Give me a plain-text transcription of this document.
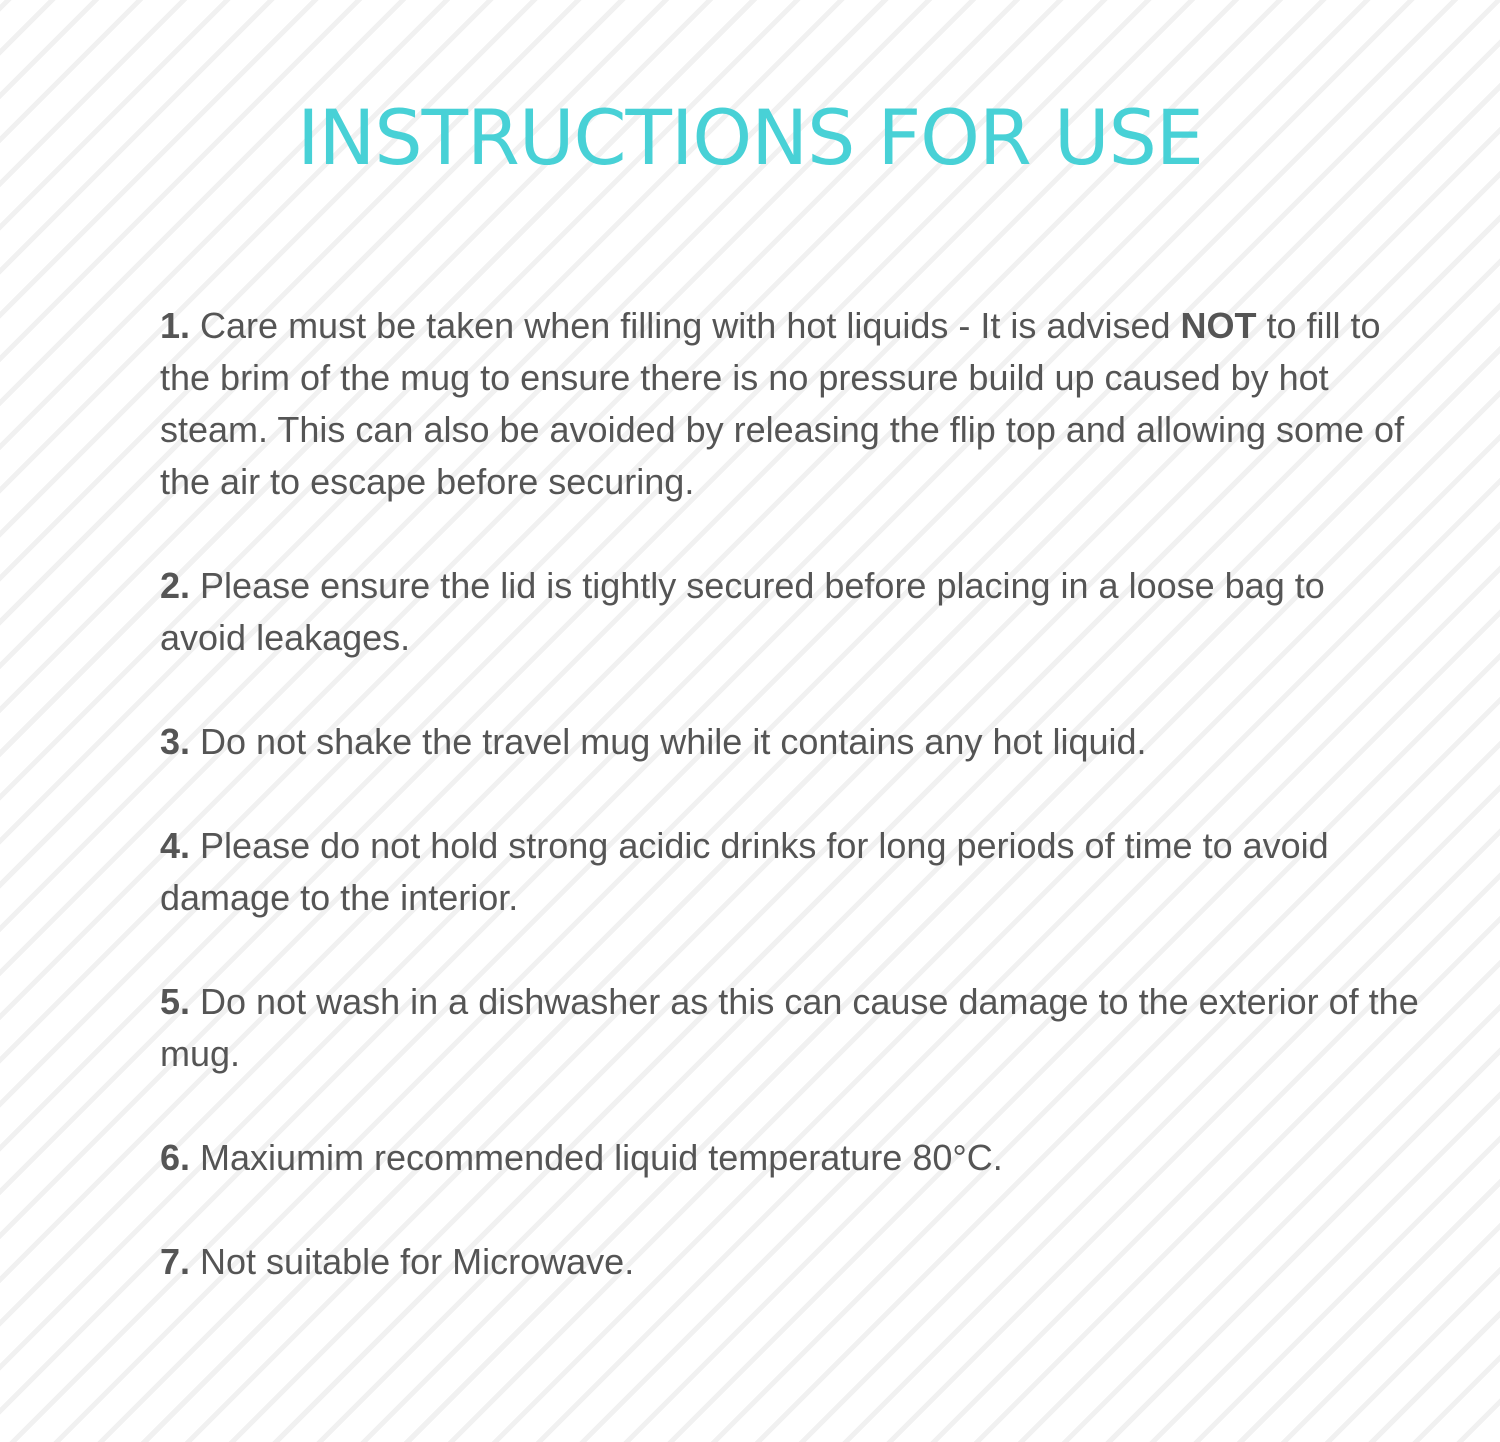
INSTRUCTIONS FOR USE
1. Care must be taken when filling with hot liquids - It is advised NOT to fill to the brim of the mug to ensure there is no pressure build up caused by hot steam. This can also be avoided by releasing the flip top and allowing some of the air to escape before securing.
2. Please ensure the lid is tightly secured before placing in a loose bag to avoid leakages.
3. Do not shake the travel mug while it contains any hot liquid.
4. Please do not hold strong acidic drinks for long periods of time to avoid damage to the interior.
5. Do not wash in a dishwasher as this can cause damage to the exterior of the mug.
6. Maxiumim recommended liquid temperature 80°C.
7. Not suitable for Microwave.
